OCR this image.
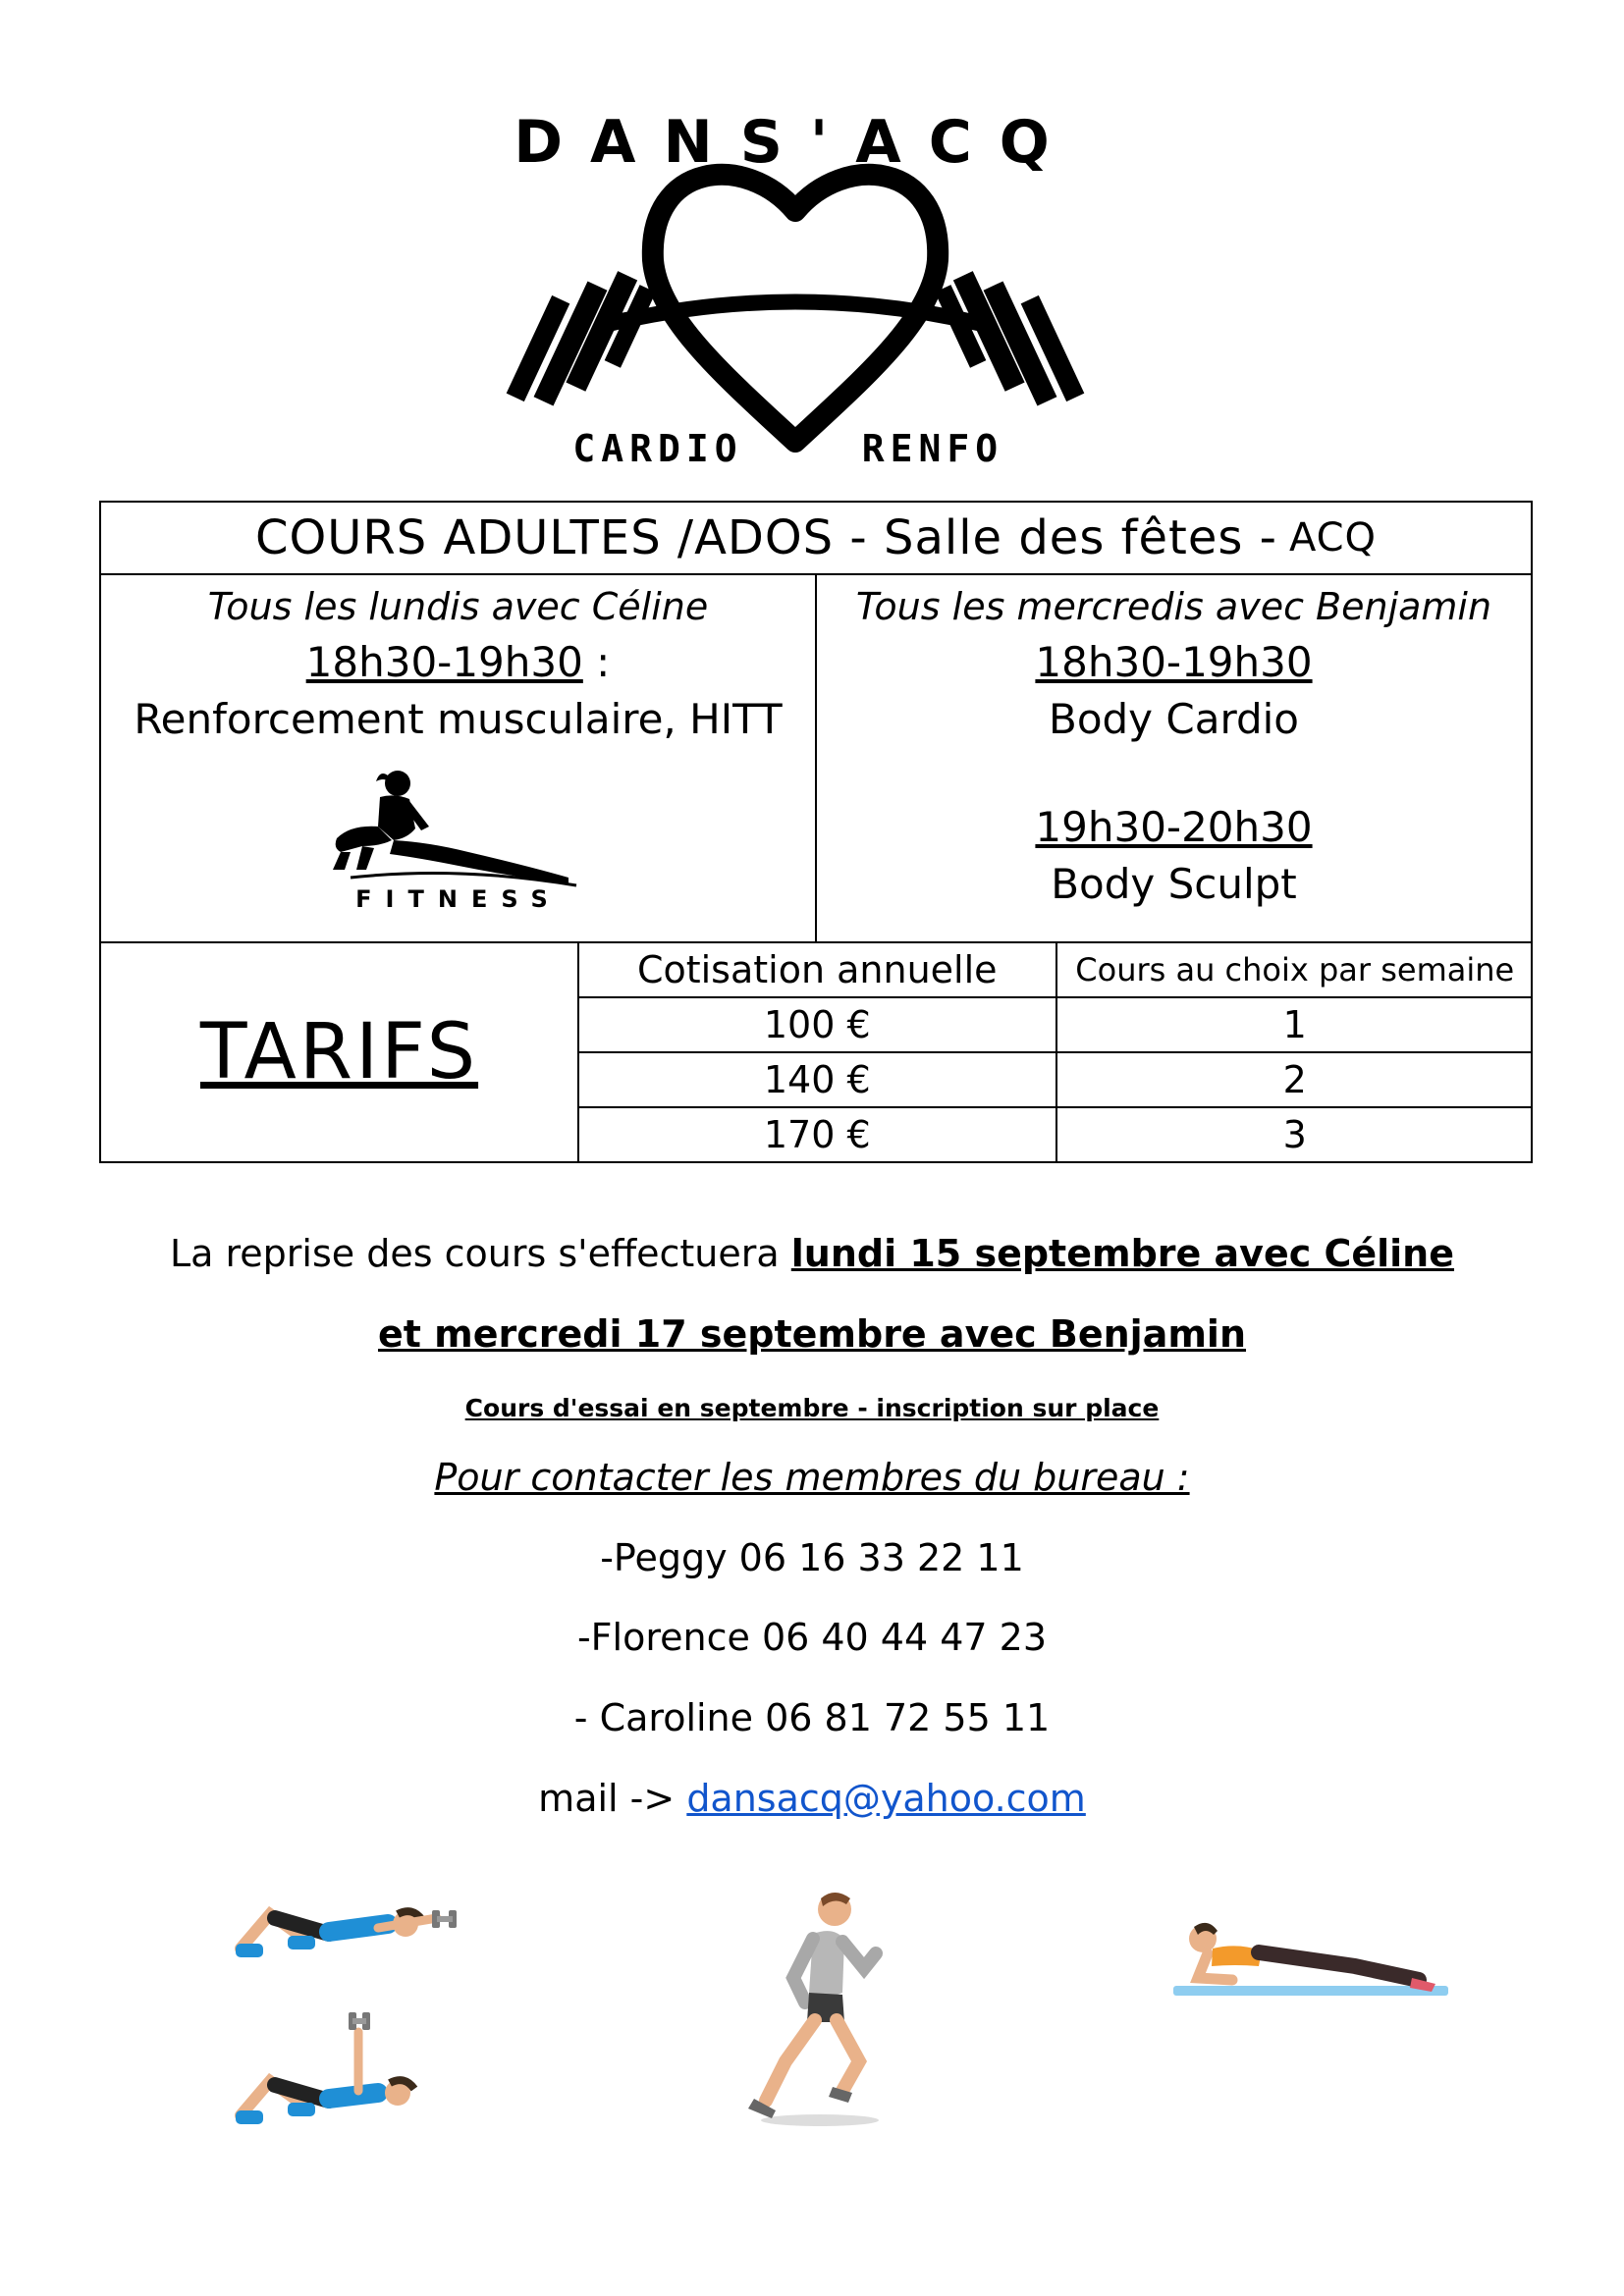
DANS'ACQ
CARDIO	RENFO
COURS ADULTES /ADOS - Salle des fêtes - ACQ
Tous les lundis avec Céline
18h30-19h30 :
Renforcement musculaire, HITT
FITNESS
Tous les mercredis avec Benjamin
18h30-19h30
Body Cardio
19h30-20h30
Body Sculpt
TARIFS
Cotisation annuelle	Cours au choix par semaine
100 €	1
140 €	2
170 €	3
La reprise des cours s'effectuera lundi 15 septembre avec Céline
et mercredi 17 septembre avec Benjamin
Cours d'essai en septembre - inscription sur place
Pour contacter les membres du bureau :
-Peggy 06 16 33 22 11
-Florence 06 40 44 47 23
- Caroline 06 81 72 55 11
mail -> dansacq@yahoo.com
